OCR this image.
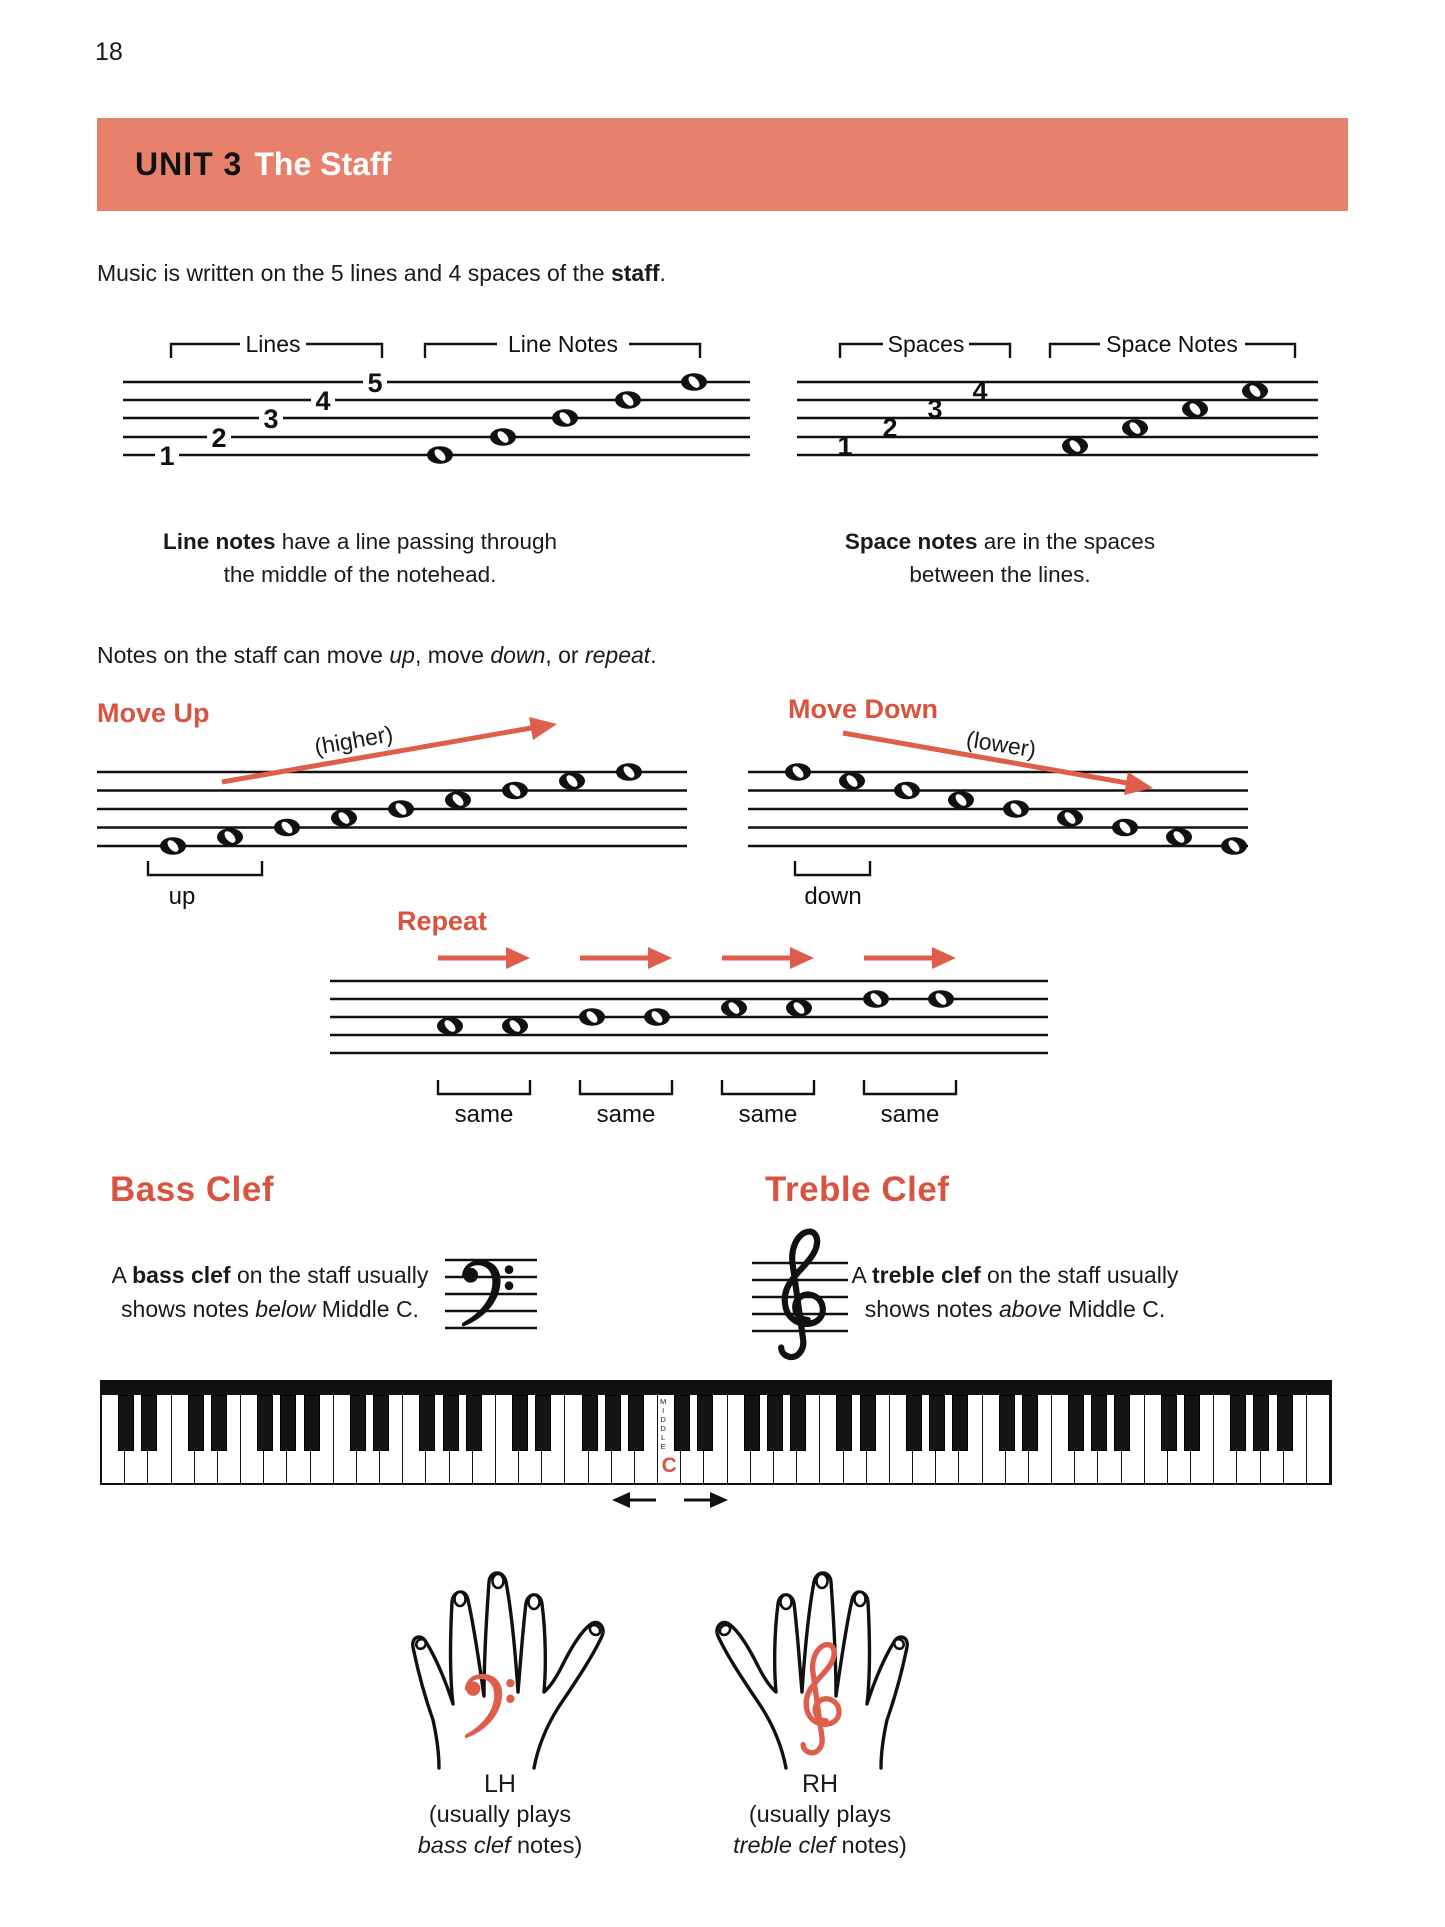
18
UNIT 3 The Staff
Music is written on the 5 lines and 4 spaces of the staff.
Lines	Line Notes
1
2
3
4
5
Spaces	Space Notes
1
2
3
4
Line notes have a line passing through
the middle of the notehead.
Space notes are in the spaces
between the lines.
Notes on the staff can move up, move down, or repeat.
Move Up	Move Down
(higher)
up
(lower)
down
Repeat
same	same	same	same
Bass Clef	Treble Clef
A bass clef on the staff usually
shows notes below Middle C.
A treble clef on the staff usually
shows notes above Middle C.
MIDDLE
C
LH
(usually plays
bass clef notes)
RH
(usually plays
treble clef notes)
